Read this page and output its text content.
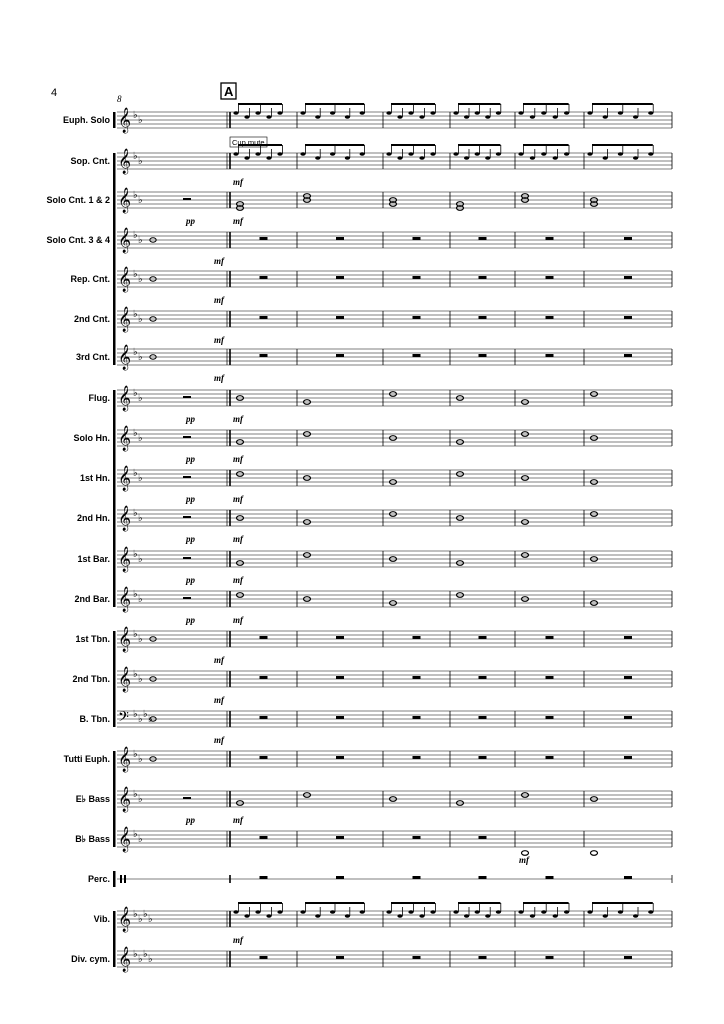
4	A
8
Cup mute
Euph. Solo 𝄞 ♭ ♭
Sop. Cnt. 𝄞 ♭ ♭
Solo Cnt. 1 & 2 𝄞 ♭ ♭
Solo Cnt. 3 & 4 𝄞 ♭ ♭
Rep. Cnt. 𝄞 ♭ ♭
2nd Cnt. 𝄞 ♭ ♭
3rd Cnt. 𝄞 ♭ ♭
Flug. 𝄞 ♭ ♭
Solo Hn. 𝄞 ♭ ♭
1st Hn. 𝄞 ♭ ♭
2nd Hn. 𝄞 ♭ ♭
1st Bar. 𝄞 ♭ ♭
2nd Bar. 𝄞 ♭ ♭
1st Tbn. 𝄞 ♭ ♭
2nd Tbn. 𝄞 ♭ ♭
B. Tbn. 𝄢 ♭ ♭ ♭ ♭
Tutti Euph. 𝄞 ♭ ♭
E♭ Bass 𝄞 ♭ ♭
B♭ Bass 𝄞 ♭ ♭
Perc.
Vib. 𝄞 ♭ ♭ ♭ ♭
Div. cym. 𝄞 ♭ ♭ ♭ ♭
mf
pp	mf
mf
mf
mf
mf
pp	mf
pp	mf
pp	mf
pp	mf
pp	mf
pp	mf
mf
mf
mf
pp	mf
mf
mf
